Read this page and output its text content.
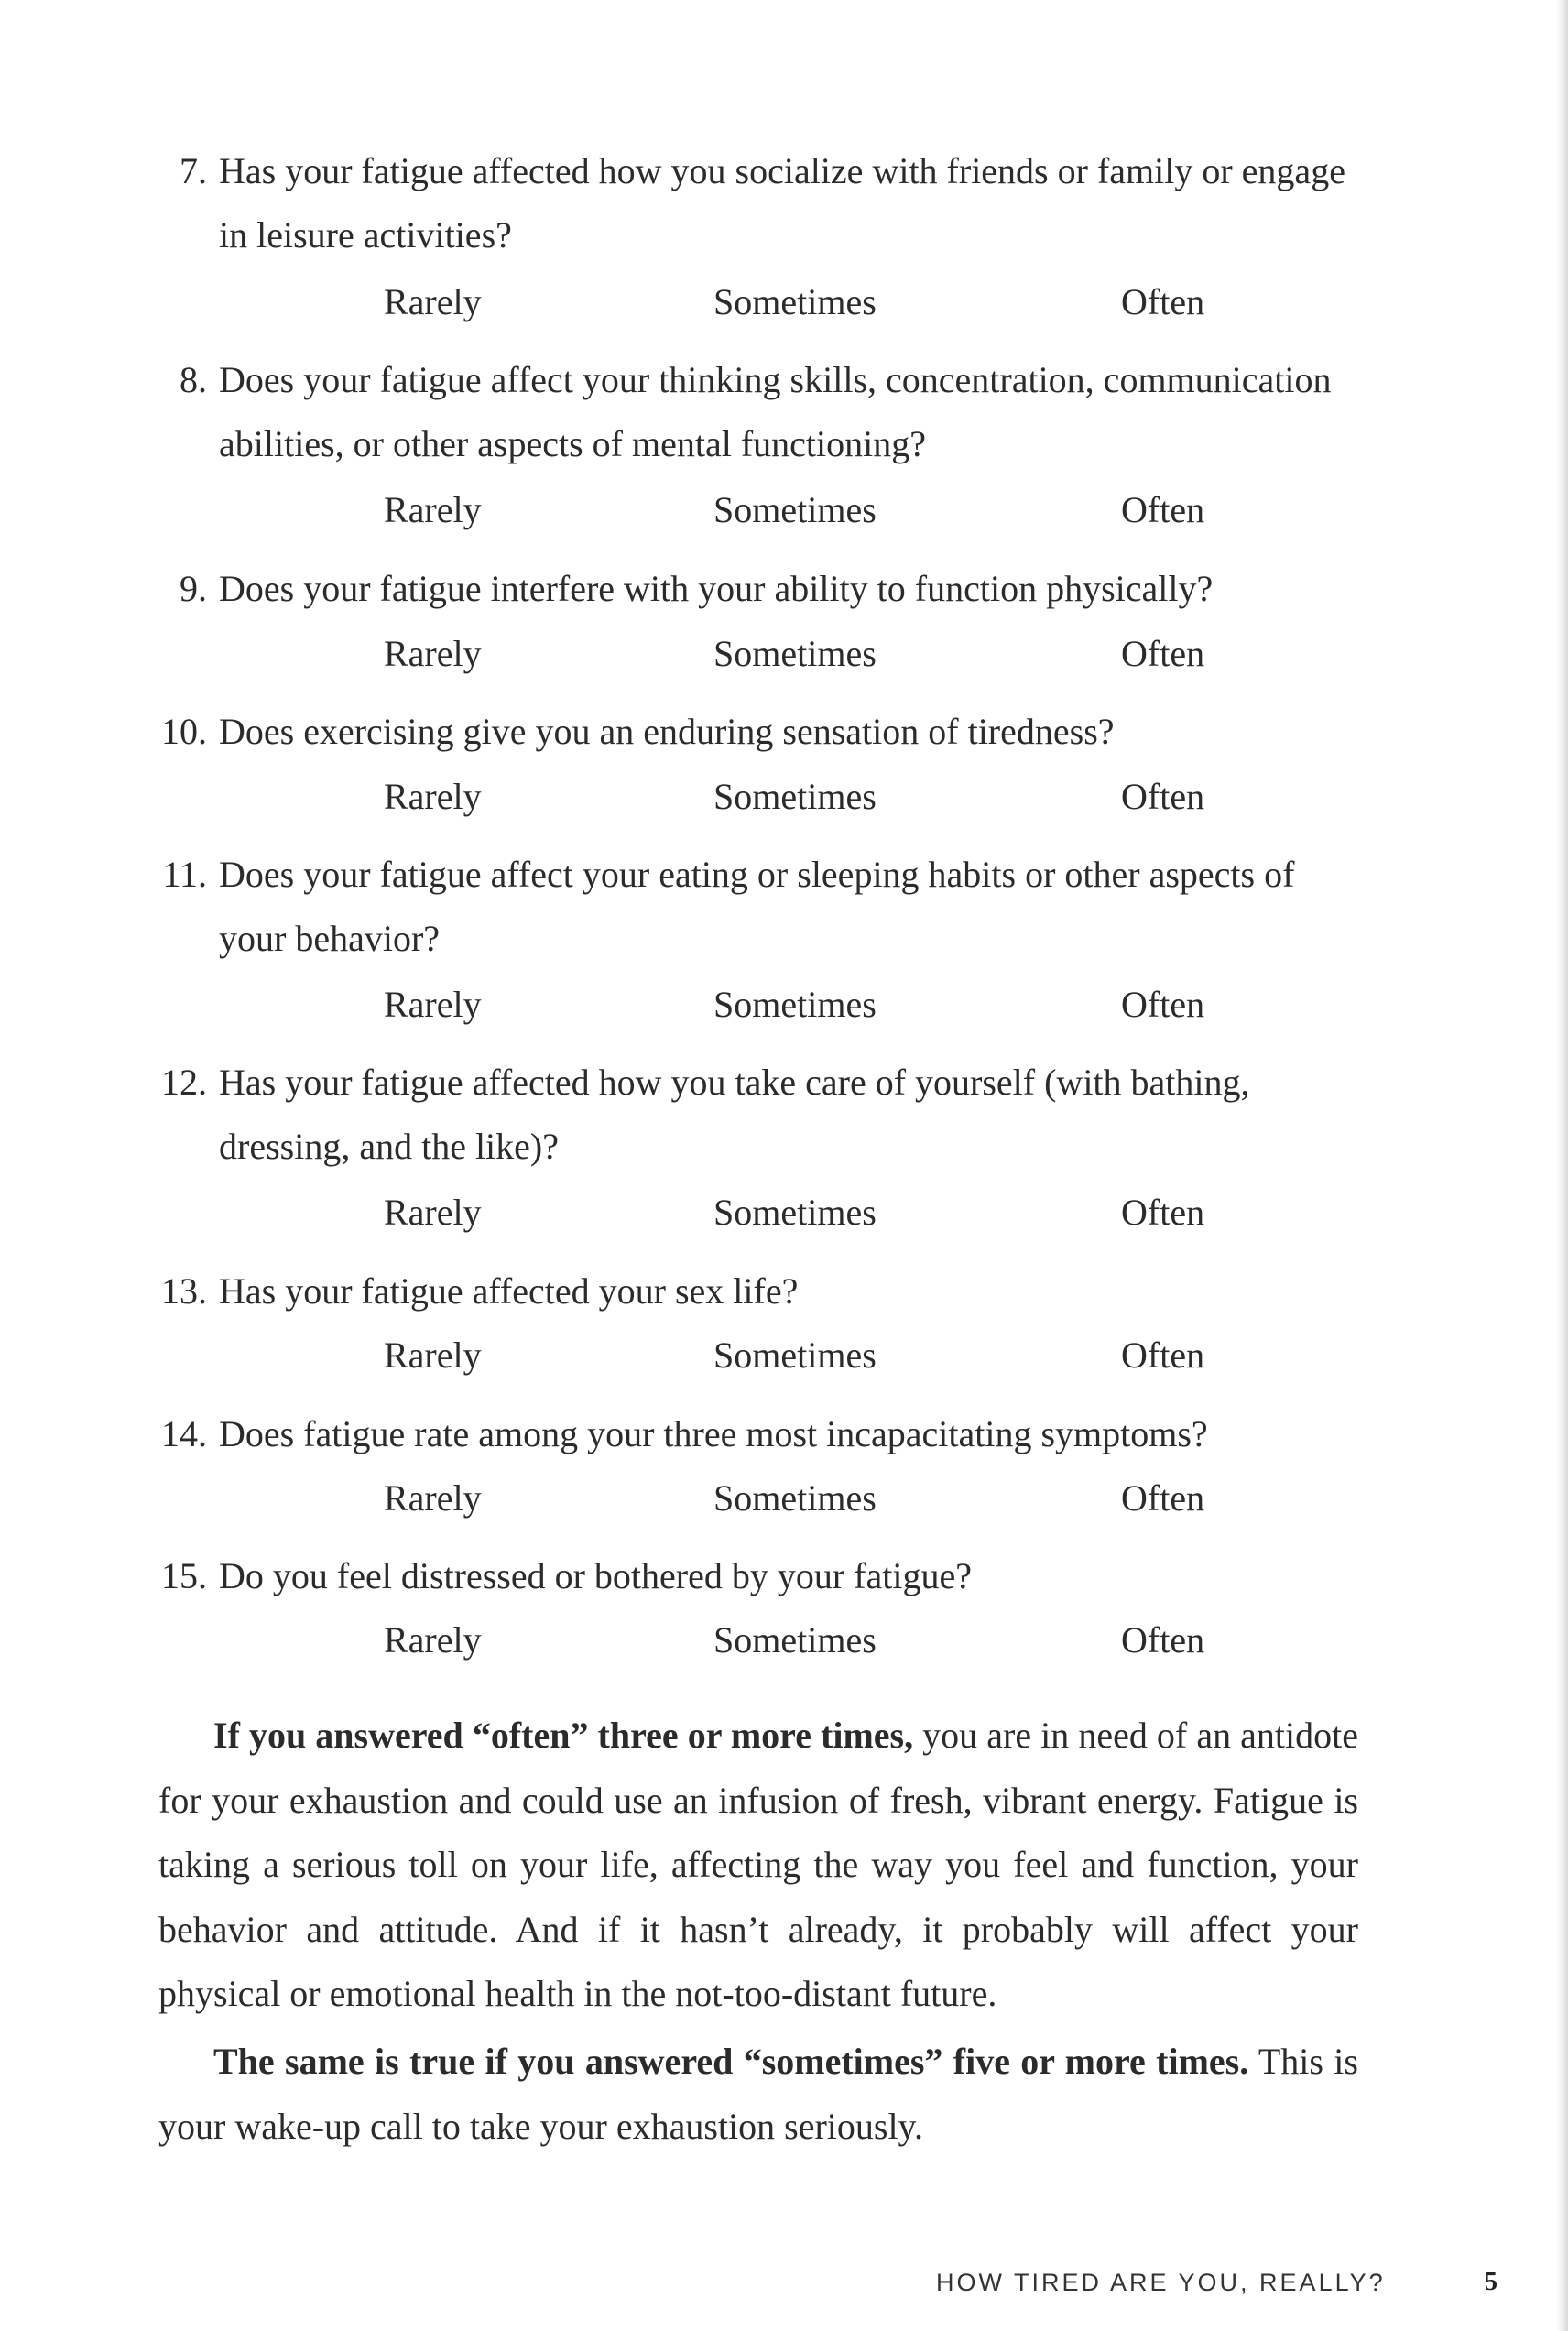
7. Has your fatigue affected how you socialize with friends or family or engage in leisure activities?
Rarely	Sometimes	Often
8. Does your fatigue affect your thinking skills, concentration, communication abilities, or other aspects of mental functioning?
Rarely	Sometimes	Often
9. Does your fatigue interfere with your ability to function physically?
Rarely	Sometimes	Often
10. Does exercising give you an enduring sensation of tiredness?
Rarely	Sometimes	Often
11. Does your fatigue affect your eating or sleeping habits or other aspects of your behavior?
Rarely	Sometimes	Often
12. Has your fatigue affected how you take care of yourself (with bathing, dressing, and the like)?
Rarely	Sometimes	Often
13. Has your fatigue affected your sex life?
Rarely	Sometimes	Often
14. Does fatigue rate among your three most incapacitating symptoms?
Rarely	Sometimes	Often
15. Do you feel distressed or bothered by your fatigue?
Rarely	Sometimes	Often

If you answered “often” three or more times, you are in need of an antidote for your exhaustion and could use an infusion of fresh, vibrant energy. Fatigue is taking a serious toll on your life, affecting the way you feel and function, your behavior and attitude. And if it hasn’t already, it probably will affect your physical or emotional health in the not-too-distant future.

The same is true if you answered “sometimes” five or more times. This is your wake-up call to take your exhaustion seriously.

HOW TIRED ARE YOU, REALLY?	5
